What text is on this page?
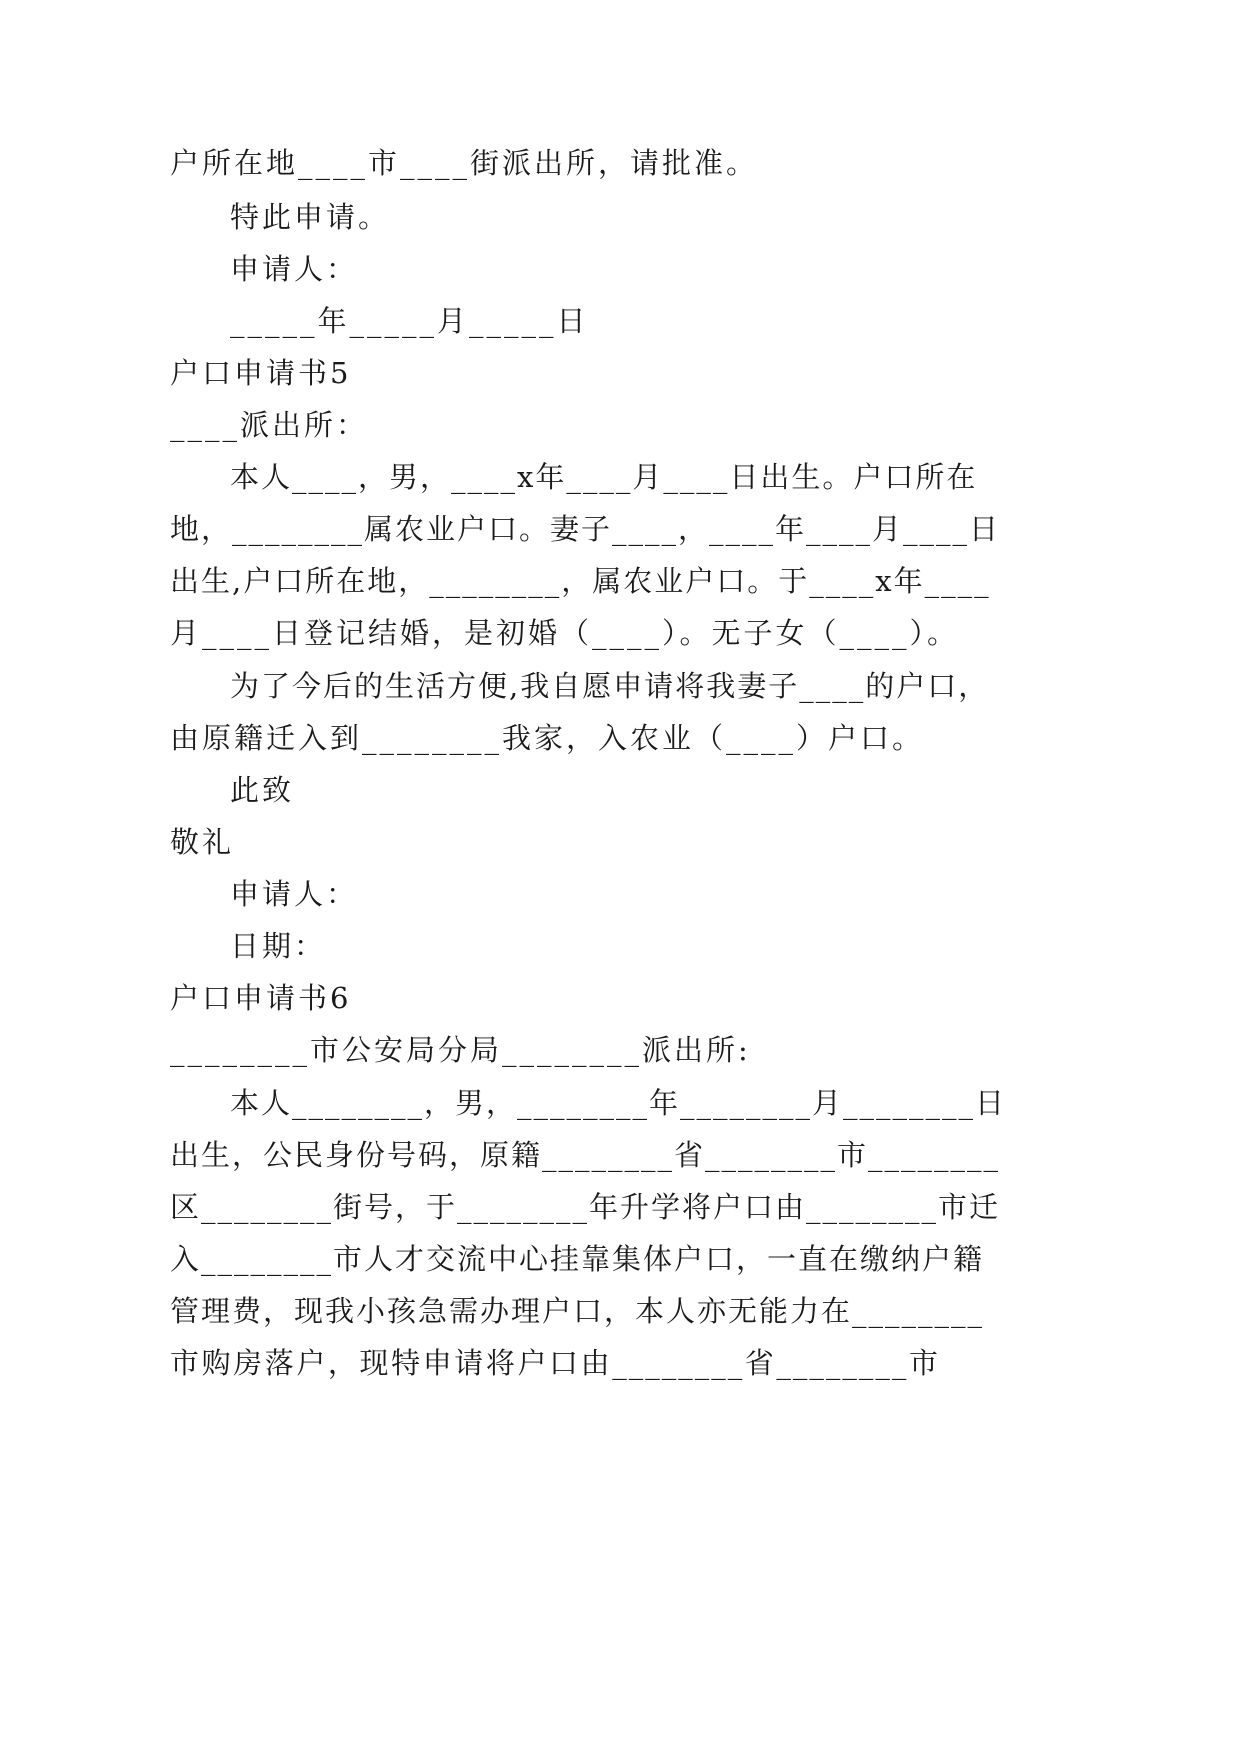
户所在地____市____街派出所，请批准。
特此申请。
申请人：
_____年_____月_____日
户口申请书5
____派出所：
本人____，男，____x年____月____日出生。户口所在
地，________属农业户口。妻子____，____年____月____日
出生,户口所在地，________，属农业户口。于____x年____
月____日登记结婚，是初婚（____）。无子女（____）。
为了今后的生活方便,我自愿申请将我妻子____的户口，
由原籍迁入到________我家，入农业（____）户口。
此致
敬礼
申请人：
日期：
户口申请书6
________市公安局分局________派出所:
本人________，男，________年________月________日
出生，公民身份号码，原籍________省________市________
区________街号，于________年升学将户口由________市迁
入________市人才交流中心挂靠集体户口，一直在缴纳户籍
管理费，现我小孩急需办理户口，本人亦无能力在________
市购房落户，现特申请将户口由________省________市
